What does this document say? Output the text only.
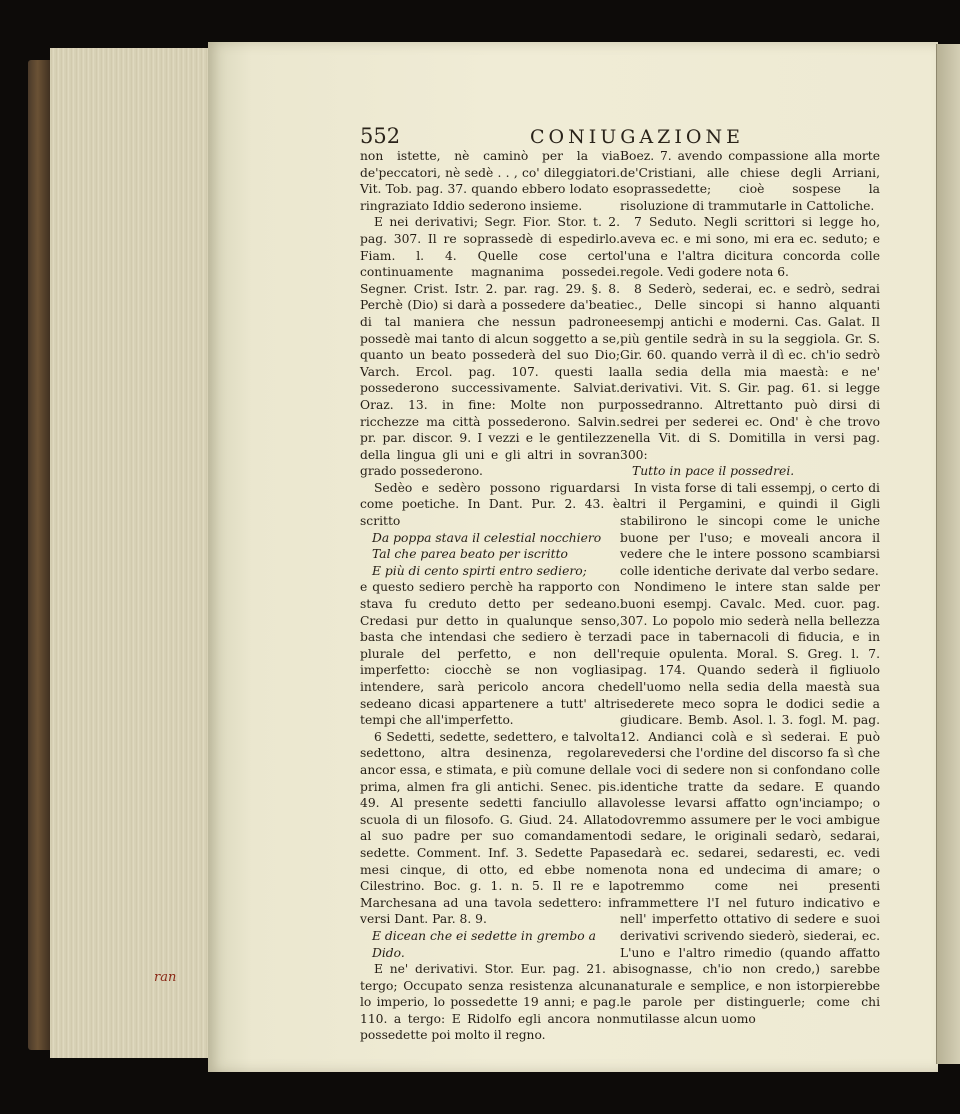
ran
552	CONIUGAZIONE

non istette, nè caminò per la via de'peccatori, nè sedè . . , co' dileggiatori. Vit. Tob. pag. 37. quando ebbero lodato e ringraziato Iddio sederono insieme.

E nei derivativi; Segr. Fior. Stor. t. 2. pag. 307. Il re soprassedè di espedirlo. Fiam. l. 4. Quelle cose certo continuamente magnanima possedei. Segner. Crist. Istr. 2. par. rag. 29. §. 8. Perchè (Dio) si darà a possedere da'beati di tal maniera che nessun padrone possedè mai tanto di alcun soggetto a se, quanto un beato possederà del suo Dio; Varch. Ercol. pag. 107. questi la possederono successivamente. Salviat. Oraz. 13. in fine: Molte non pur ricchezze ma città possederono. Salvin. pr. par. discor. 9. I vezzi e le gentilezze della lingua gli uni e gli altri in sovran grado possederono.

Sedèo e sedèro possono riguardarsi come poetiche. In Dant. Pur. 2. 43. è scritto

Da poppa stava il celestial nocchiero

Tal che parea beato per iscritto

E più di cento spirti entro sediero;

e questo sediero perchè ha rapporto con stava fu creduto detto per sedeano. Credasi pur detto in qualunque senso, basta che intendasi che sediero è terza plurale del perfetto, e non dell' imperfetto: ciocchè se non vogliasi intendere, sarà pericolo ancora che sedeano dicasi appartenere a tutt' altri tempi che all'imperfetto.

6 Sedetti, sedette, sedettero, e talvolta sedettono, altra desinenza, regolare ancor essa, e stimata, e più comune della prima, almen fra gli antichi. Senec. pis. 49. Al presente sedetti fanciullo alla scuola di un filosofo. G. Giud. 24. Allato al suo padre per suo comandamento sedette. Comment. Inf. 3. Sedette Papa mesi cinque, di otto, ed ebbe nome Cilestrino. Boc. g. 1. n. 5. Il re e la Marchesana ad una tavola sedettero: in versi Dant. Par. 8. 9.

E dicean che ei sedette in grembo a Dido.

E ne' derivativi. Stor. Eur. pag. 21. a tergo; Occupato senza resistenza alcuna lo imperio, lo possedette 19 anni; e pag. 110. a tergo: E Ridolfo egli ancora non possedette poi molto il regno.

Boez. 7. avendo compassione alla morte de'Cristiani, alle chiese degli Arriani, soprassedette; cioè sospese la risoluzione di trammutarle in Cattoliche.

7 Seduto. Negli scrittori si legge ho, aveva ec. e mi sono, mi era ec. seduto; e l'una e l'altra dicitura concorda colle regole. Vedi godere nota 6.

8 Sederò, sederai, ec. e sedrò, sedrai ec., Delle sincopi si hanno alquanti esempj antichi e moderni. Cas. Galat. Il più gentile sedrà in su la seggiola. Gr. S. Gir. 60. quando verrà il dì ec. ch'io sedrò alla sedia della mia maestà: e ne' derivativi. Vit. S. Gir. pag. 61. si legge possedranno. Altrettanto può dirsi di sedrei per sederei ec. Ond' è che trovo nella Vit. di S. Domitilla in versi pag. 300:

Tutto in pace il possedrei.

In vista forse di tali essempj, o certo di altri il Pergamini, e quindi il Gigli stabilirono le sincopi come le uniche buone per l'uso; e moveali ancora il vedere che le intere possono scambiarsi colle identiche derivate dal verbo sedare.

Nondimeno le intere stan salde per buoni esempj. Cavalc. Med. cuor. pag. 307. Lo popolo mio sederà nella bellezza di pace in tabernacoli di fiducia, e in requie opulenta. Moral. S. Greg. l. 7. pag. 174. Quando sederà il figliuolo dell'uomo nella sedia della maestà sua sederete meco sopra le dodici sedie a giudicare. Bemb. Asol. l. 3. fogl. M. pag. 12. Andianci colà e sì sederai. E può vedersi che l'ordine del discorso fa sì che le voci di sedere non si confondano colle identiche tratte da sedare. E quando volesse levarsi affatto ogn'inciampo; o dovremmo assumere per le voci ambigue di sedare, le originali sedarò, sedarai, sedarà ec. sedarei, sedaresti, ec. vedi nota nona ed undecima di amare; o potremmo come nei presenti frammettere l'I nel futuro indicativo e nell' imperfetto ottativo di sedere e suoi derivativi scrivendo siederò, siederai, ec. L'uno e l'altro rimedio (quando affatto bisognasse, ch'io non credo,) sarebbe naturale e semplice, e non istorpierebbe le parole per distinguerle; come chi mutilasse alcun uomo
